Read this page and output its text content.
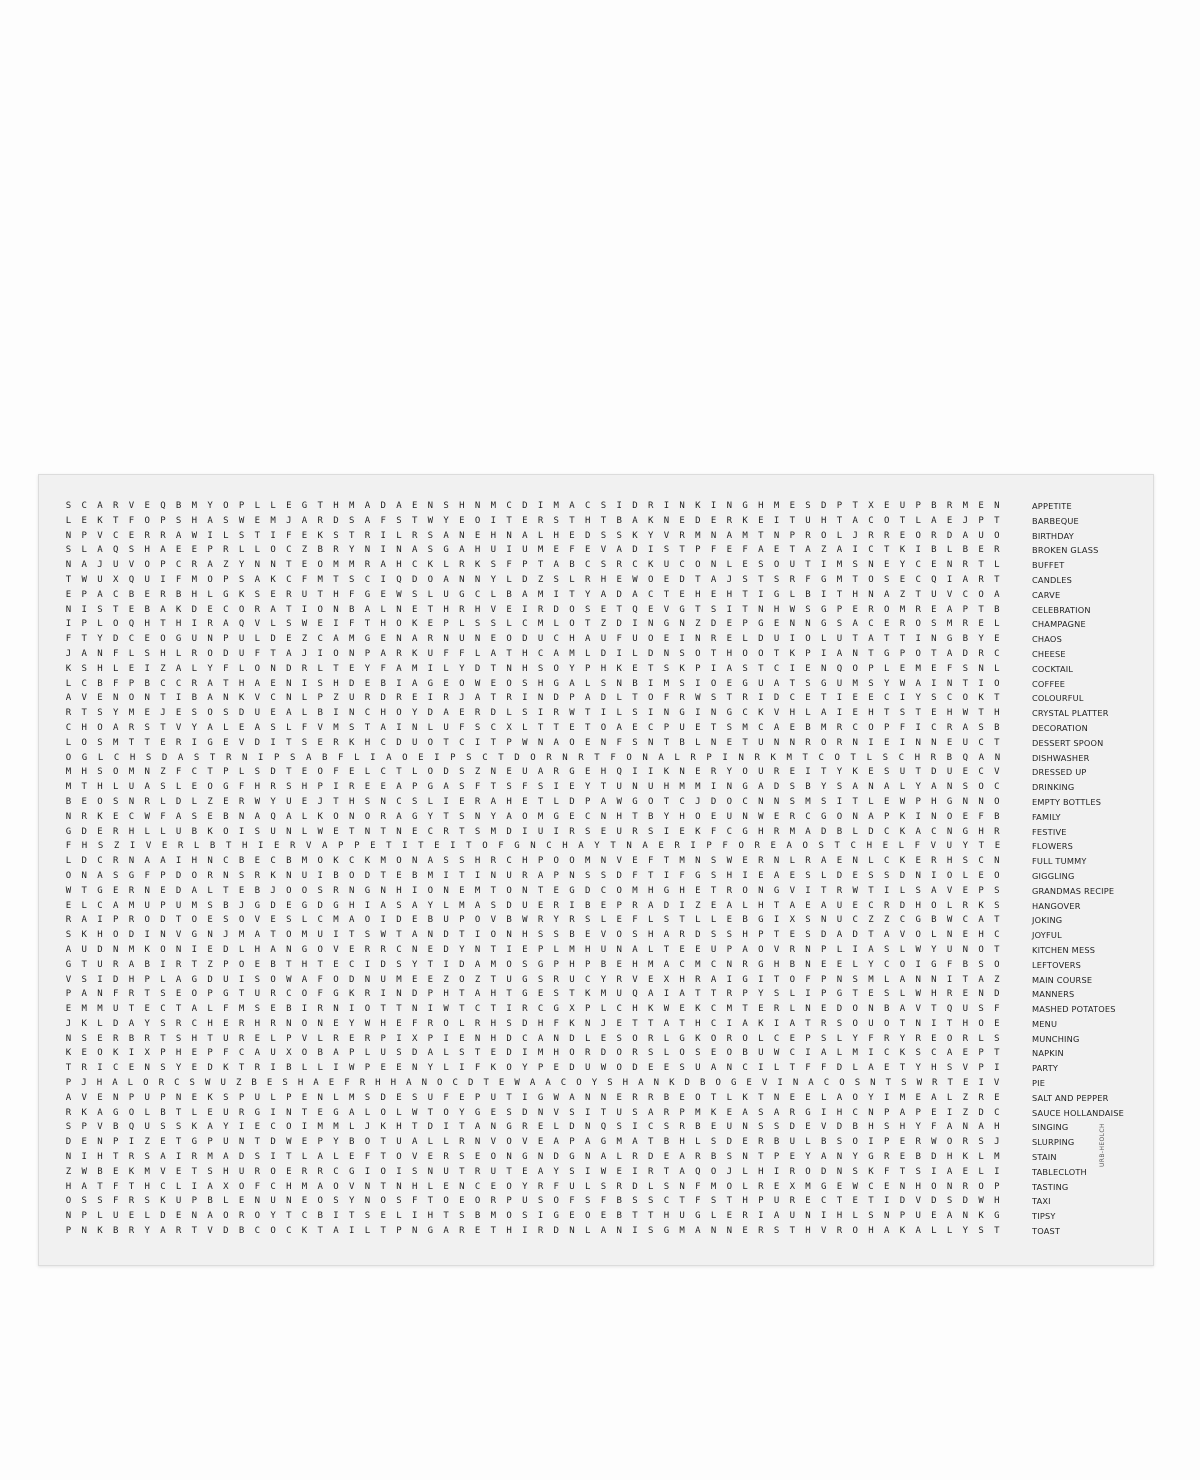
S	C	A	R	V	E	Q	B	M	Y	O	P	L	L	E	G	T	H	M	A	D	A	E	N	S	H	N	M	C	D	I	M	A	C	S	I	D	R	I	N	K	I	N	G	H	M	E	S	D	P	T	X	E	U	P	B	R	M	E	N
L	E	K	T	F	O	P	S	H	A	S	W	E	M	J	A	R	D	S	A	F	S	T	W	Y	E	O	I	T	E	R	S	T	H	T	B	A	K	N	E	D	E	R	K	E	I	T	U	H	T	A	C	O	T	L	A	E	J	P	T
N	P	V	C	E	R	R	A	W	I	L	S	T	I	F	E	K	S	T	R	I	L	R	S	A	N	E	H	N	A	L	H	E	D	S	S	K	Y	V	R	M	N	A	M	T	N	P	R	O	L	J	R	R	E	O	R	D	A	U	O
S	L	A	Q	S	H	A	E	E	P	R	L	L	O	C	Z	B	R	Y	N	I	N	A	S	G	A	H	U	I	U	M	E	F	E	V	A	D	I	S	T	P	F	E	F	A	E	T	A	Z	A	I	C	T	K	I	B	L	B	E	R
N	A	J	U	V	O	P	C	R	A	Z	Y	N	N	T	E	O	M	M	R	A	H	C	K	L	R	K	S	F	P	T	A	B	C	S	R	C	K	U	C	O	N	L	E	S	O	U	T	I	M	S	N	E	Y	C	E	N	R	T	L
T	W	U	X	Q	U	I	F	M	O	P	S	A	K	C	F	M	T	S	C	I	Q	D	O	A	N	N	Y	L	D	Z	S	L	R	H	E	W	O	E	D	T	A	J	S	T	S	R	F	G	M	T	O	S	E	C	Q	I	A	R	T
E	P	A	C	B	E	R	B	H	L	G	K	S	E	R	U	T	H	F	G	E	W	S	L	U	G	C	L	B	A	M	I	T	Y	A	D	A	C	T	E	H	E	H	T	I	G	L	B	I	T	H	N	A	Z	T	U	V	C	O	A
N	I	S	T	E	B	A	K	D	E	C	O	R	A	T	I	O	N	B	A	L	N	E	T	H	R	H	V	E	I	R	D	O	S	E	T	Q	E	V	G	T	S	I	T	N	H	W	S	G	P	E	R	O	M	R	E	A	P	T	B
I	P	L	O	Q	H	T	H	I	R	A	Q	V	L	S	W	E	I	F	T	H	O	K	E	P	L	S	S	L	C	M	L	O	T	Z	D	I	N	G	N	Z	D	E	P	G	E	N	N	G	S	A	C	E	R	O	S	M	R	E	L
F	T	Y	D	C	E	O	G	U	N	P	U	L	D	E	Z	C	A	M	G	E	N	A	R	N	U	N	E	O	D	U	C	H	A	U	F	U	O	E	I	N	R	E	L	D	U	I	O	L	U	T	A	T	T	I	N	G	B	Y	E
J	A	N	F	L	S	H	L	R	O	D	U	F	T	A	J	I	O	N	P	A	R	K	U	F	F	L	A	T	H	C	A	M	L	D	I	L	D	N	S	O	T	H	O	O	T	K	P	I	A	N	T	G	P	O	T	A	D	R	C
K	S	H	L	E	I	Z	A	L	Y	F	L	O	N	D	R	L	T	E	Y	F	A	M	I	L	Y	D	T	N	H	S	O	Y	P	H	K	E	T	S	K	P	I	A	S	T	C	I	E	N	Q	O	P	L	E	M	E	F	S	N	L
L	C	B	F	P	B	C	C	R	A	T	H	A	E	N	I	S	H	D	E	B	I	A	G	E	O	W	E	O	S	H	G	A	L	S	N	B	I	M	S	I	O	E	G	U	A	T	S	G	U	M	S	Y	W	A	I	N	T	I	O
A	V	E	N	O	N	T	I	B	A	N	K	V	C	N	L	P	Z	U	R	D	R	E	I	R	J	A	T	R	I	N	D	P	A	D	L	T	O	F	R	W	S	T	R	I	D	C	E	T	I	E	E	C	I	Y	S	C	O	K	T
R	T	S	Y	M	E	J	E	S	O	S	D	U	E	A	L	B	I	N	C	H	O	Y	D	A	E	R	D	L	S	I	R	W	T	I	L	S	I	N	G	I	N	G	C	K	V	H	L	A	I	E	H	T	S	T	E	H	W	T	H
C	H	O	A	R	S	T	V	Y	A	L	E	A	S	L	F	V	M	S	T	A	I	N	L	U	F	S	C	X	L	T	T	E	T	O	A	E	C	P	U	E	T	S	M	C	A	E	B	M	R	C	O	P	F	I	C	R	A	S	B
L	O	S	M	T	T	E	R	I	G	E	V	D	I	T	S	E	R	K	H	C	D	U	O	T	C	I	T	P	W	N	A	O	E	N	F	S	N	T	B	L	N	E	T	U	N	N	R	O	R	N	I	E	I	N	N	E	U	C	T
O	G	L	C	H	S	D	A	S	T	R	N	I	P	S	A	B	F	L	I	A	O	E	I	P	S	C	T	D	O	R	N	R	T	F	O	N	A	L	R	P	I	N	R	K	M	T	C	O	T	L	S	C	H	R	B	Q	A	N
M	H	S	O	M	N	Z	F	C	T	P	L	S	D	T	E	O	F	E	L	C	T	L	O	D	S	Z	N	E	U	A	R	G	E	H	Q	I	I	K	N	E	R	Y	O	U	R	E	I	T	Y	K	E	S	U	T	D	U	E	C	V
M	T	H	L	U	A	S	L	E	O	G	F	H	R	S	H	P	I	R	E	E	A	P	G	A	S	F	T	S	F	S	I	E	Y	T	U	N	U	H	M	M	I	N	G	A	D	S	B	Y	S	A	N	A	L	Y	A	N	S	O	C
B	E	O	S	N	R	L	D	L	Z	E	R	W	Y	U	E	J	T	H	S	N	C	S	L	I	E	R	A	H	E	T	L	D	P	A	W	G	O	T	C	J	D	O	C	N	N	S	M	S	I	T	L	E	W	P	H	G	N	N	O
N	R	K	E	C	W	F	A	S	E	B	N	A	Q	A	L	K	O	N	O	R	A	G	Y	T	S	N	Y	A	O	M	G	E	C	N	H	T	B	Y	H	O	E	U	N	W	E	R	C	G	O	N	A	P	K	I	N	O	E	F	B
G	D	E	R	H	L	L	U	B	K	O	I	S	U	N	L	W	E	T	N	T	N	E	C	R	T	S	M	D	I	U	I	R	S	E	U	R	S	I	E	K	F	C	G	H	R	M	A	D	B	L	D	C	K	A	C	N	G	H	R
F	H	S	Z	I	V	E	R	L	B	T	H	I	E	R	V	A	P	P	E	T	I	T	E	I	T	O	F	G	N	C	H	A	Y	T	N	A	E	R	I	P	F	O	R	E	A	O	S	T	C	H	E	L	F	V	U	Y	T	E
L	D	C	R	N	A	A	I	H	N	C	B	E	C	B	M	O	K	C	K	M	O	N	A	S	S	H	R	C	H	P	O	O	M	N	V	E	F	T	M	N	S	W	E	R	N	L	R	A	E	N	L	C	K	E	R	H	S	C	N
O	N	A	S	G	F	P	D	O	R	N	S	R	K	N	U	I	B	O	D	T	E	B	M	I	T	I	N	U	R	A	P	N	S	S	D	F	T	I	F	G	S	H	I	E	A	E	S	L	D	E	S	S	D	N	I	O	L	E	O
W	T	G	E	R	N	E	D	A	L	T	E	B	J	O	O	S	R	N	G	N	H	I	O	N	E	M	T	O	N	T	E	G	D	C	O	M	H	G	H	E	T	R	O	N	G	V	I	T	R	W	T	I	L	S	A	V	E	P	S
E	L	C	A	M	U	P	U	M	S	B	J	G	D	E	G	D	G	H	I	A	S	A	Y	L	M	A	S	D	U	E	R	I	B	E	P	R	A	D	I	Z	E	A	L	H	T	A	E	A	U	E	C	R	D	H	O	L	R	K	S
R	A	I	P	R	O	D	T	O	E	S	O	V	E	S	L	C	M	A	O	I	D	E	B	U	P	O	V	B	W	R	Y	R	S	L	E	F	L	S	T	L	L	E	B	G	I	X	S	N	U	C	Z	Z	C	G	B	W	C	A	T
S	K	H	O	D	I	N	V	G	N	J	M	A	T	O	M	U	I	T	S	W	T	A	N	D	T	I	O	N	H	S	S	B	E	V	O	S	H	A	R	D	S	S	H	P	T	E	S	D	A	D	T	A	V	O	L	N	E	H	C
A	U	D	N	M	K	O	N	I	E	D	L	H	A	N	G	O	V	E	R	R	C	N	E	D	Y	N	T	I	E	P	L	M	H	U	N	A	L	T	E	E	U	P	A	O	V	R	N	P	L	I	A	S	L	W	Y	U	N	O	T
G	T	U	R	A	B	I	R	T	Z	P	O	E	B	T	H	T	E	C	I	D	S	Y	T	I	D	A	M	O	S	G	P	H	P	B	E	H	M	A	C	M	C	N	R	G	H	B	N	E	E	L	Y	C	O	I	G	F	B	S	O
V	S	I	D	H	P	L	A	G	D	U	I	S	O	W	A	F	O	D	N	U	M	E	E	Z	O	Z	T	U	G	S	R	U	C	Y	R	V	E	X	H	R	A	I	G	I	T	O	F	P	N	S	M	L	A	N	N	I	T	A	Z
P	A	N	F	R	T	S	E	O	P	G	T	U	R	C	O	F	G	K	R	I	N	D	P	H	T	A	H	T	G	E	S	T	K	M	U	Q	A	I	A	T	T	R	P	Y	S	L	I	P	G	T	E	S	L	W	H	R	E	N	D
E	M	M	U	T	E	C	T	A	L	F	M	S	E	B	I	R	N	I	O	T	T	N	I	W	T	C	T	I	R	C	G	X	P	L	C	H	K	W	E	K	C	M	T	E	R	L	N	E	D	O	N	B	A	V	T	Q	U	S	F
J	K	L	D	A	Y	S	R	C	H	E	R	H	R	N	O	N	E	Y	W	H	E	F	R	O	L	R	H	S	D	H	F	K	N	J	E	T	T	A	T	H	C	I	A	K	I	A	T	R	S	O	U	O	T	N	I	T	H	O	E
N	S	E	R	B	R	T	S	H	T	U	R	E	L	P	V	L	R	E	R	P	I	X	P	I	E	N	H	D	C	A	N	D	L	E	S	O	R	L	G	K	O	R	O	L	C	E	P	S	L	Y	F	R	Y	R	E	O	R	L	S
K	E	O	K	I	X	P	H	E	P	F	C	A	U	X	O	B	A	P	L	U	S	D	A	L	S	T	E	D	I	M	H	O	R	D	O	R	S	L	O	S	E	O	B	U	W	C	I	A	L	M	I	C	K	S	C	A	E	P	T
T	R	I	C	E	N	S	Y	E	D	K	T	R	I	B	L	L	I	W	P	E	E	N	Y	L	I	F	K	O	Y	P	E	D	U	W	O	D	E	E	S	U	A	N	C	I	L	T	F	F	D	L	A	E	T	Y	H	S	V	P	I
P	J	H	A	L	O	R	C	S	W	U	Z	B	E	S	H	A	E	F	R	H	H	A	N	O	C	D	T	E	W	A	A	C	O	Y	S	H	A	N	K	D	B	O	G	E	V	I	N	A	C	O	S	N	T	S	W	R	T	E	I	V
A	V	E	N	P	U	P	N	E	K	S	P	U	L	P	E	N	L	M	S	D	E	S	U	F	E	P	U	T	I	G	W	A	N	N	E	R	R	B	E	O	T	L	K	T	N	E	E	L	A	O	Y	I	M	E	A	L	Z	R	E
R	K	A	G	O	L	B	T	L	E	U	R	G	I	N	T	E	G	A	L	O	L	W	T	O	Y	G	E	S	D	N	V	S	I	T	U	S	A	R	P	M	K	E	A	S	A	R	G	I	H	C	N	P	A	P	E	I	Z	D	C
S	P	V	B	Q	U	S	S	K	A	Y	I	E	C	O	I	M	M	L	J	K	H	T	D	I	T	A	N	G	R	E	L	D	N	Q	S	I	C	S	R	B	E	U	N	S	S	D	E	V	D	B	H	S	H	Y	F	A	N	A	H
D	E	N	P	I	Z	E	T	G	P	U	N	T	D	W	E	P	Y	B	O	T	U	A	L	L	R	N	V	O	V	E	A	P	A	G	M	A	T	B	H	L	S	D	E	R	B	U	L	B	S	O	I	P	E	R	W	O	R	S	J
N	I	H	T	R	S	A	I	R	M	A	D	S	I	T	L	A	L	E	F	T	O	V	E	R	S	E	O	N	G	N	D	G	N	A	L	R	D	E	A	R	B	S	N	T	P	E	Y	A	N	Y	G	R	E	B	D	H	K	L	M
Z	W	B	E	K	M	V	E	T	S	H	U	R	O	E	R	R	C	G	I	O	I	S	N	U	T	R	U	T	E	A	Y	S	I	W	E	I	R	T	A	Q	O	J	L	H	I	R	O	D	N	S	K	F	T	S	I	A	E	L	I
H	A	T	F	T	H	C	L	I	A	X	O	F	C	H	M	A	O	V	N	T	N	H	L	E	N	C	E	O	Y	R	F	U	L	S	R	D	L	S	N	F	M	O	L	R	E	X	M	G	E	W	C	E	N	H	O	N	R	O	P
O	S	S	F	R	S	K	U	P	B	L	E	N	U	N	E	O	S	Y	N	O	S	F	T	O	E	O	R	P	U	S	O	F	S	F	B	S	S	C	T	F	S	T	H	P	U	R	E	C	T	E	T	I	D	V	D	S	D	W	H
N	P	L	U	E	L	D	E	N	A	O	R	O	Y	T	C	B	I	T	S	E	L	I	H	T	S	B	M	O	S	I	G	E	O	E	B	T	T	H	U	G	L	E	R	I	A	U	N	I	H	L	S	N	P	U	E	A	N	K	G
P	N	K	B	R	Y	A	R	T	V	D	B	C	O	C	K	T	A	I	L	T	P	N	G	A	R	E	T	H	I	R	D	N	L	A	N	I	S	G	M	A	N	N	E	R	S	T	H	V	R	O	H	A	K	A	L	L	Y	S	T
APPETITE
BARBEQUE
BIRTHDAY
BROKEN GLASS
BUFFET
CANDLES
CARVE
CELEBRATION
CHAMPAGNE
CHAOS
CHEESE
COCKTAIL
COFFEE
COLOURFUL
CRYSTAL PLATTER
DECORATION
DESSERT SPOON
DISHWASHER
DRESSED UP
DRINKING
EMPTY BOTTLES
FAMILY
FESTIVE
FLOWERS
FULL TUMMY
GIGGLING
GRANDMAS RECIPE
HANGOVER
JOKING
JOYFUL
KITCHEN MESS
LEFTOVERS
MAIN COURSE
MANNERS
MASHED POTATOES
MENU
MUNCHING
NAPKIN
PARTY
PIE
SALT AND PEPPER
SAUCE HOLLANDAISE
SINGING
SLURPING
STAIN
TABLECLOTH
TASTING
TAXI
TIPSY
TOAST
URB-HEOLCH
